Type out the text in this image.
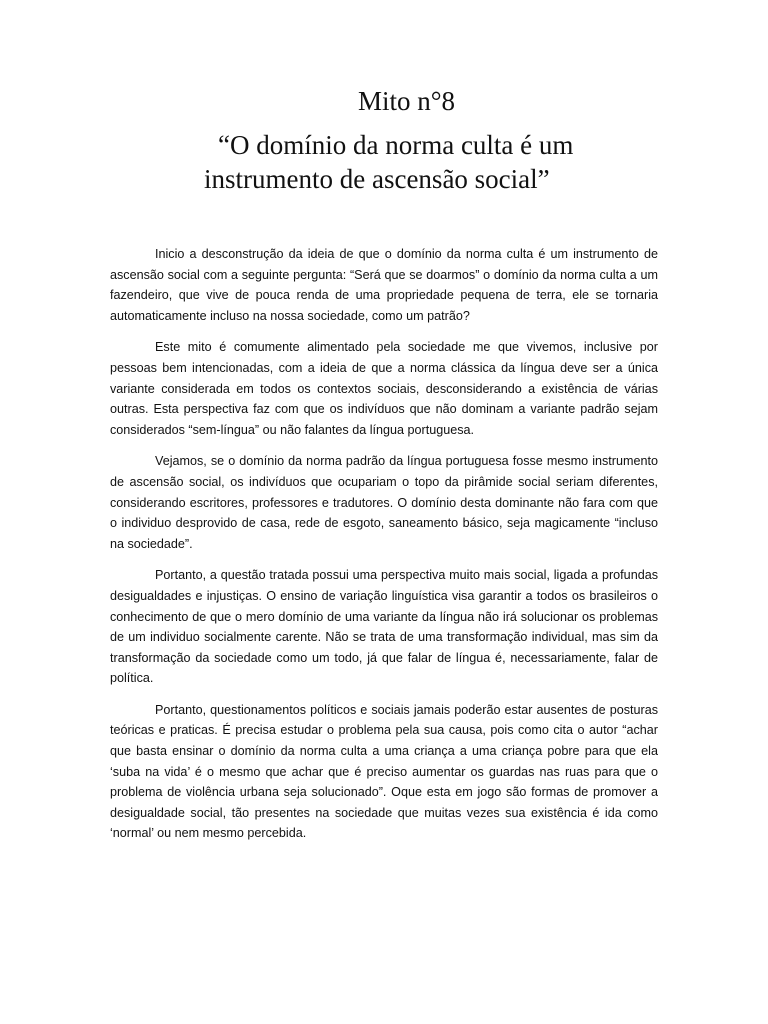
Mito n°8
“O domínio da norma culta é um
instrumento de ascensão social”

Inicio a desconstrução da ideia de que o domínio da norma culta é um instrumento de ascensão social com a seguinte pergunta: “Será que se doarmos” o domínio da norma culta a um fazendeiro, que vive de pouca renda de uma propriedade pequena de terra, ele se tornaria automaticamente incluso na nossa sociedade, como um patrão?

Este mito é comumente alimentado pela sociedade me que vivemos, inclusive por pessoas bem intencionadas, com a ideia de que a norma clássica da língua deve ser a única variante considerada em todos os contextos sociais, desconsiderando a existência de várias outras. Esta perspectiva faz com que os indivíduos que não dominam a variante padrão sejam considerados “sem-língua” ou não falantes da língua portuguesa.

Vejamos, se o domínio da norma padrão da língua portuguesa fosse mesmo instrumento de ascensão social, os indivíduos que ocupariam o topo da pirâmide social seriam diferentes, considerando escritores, professores e tradutores. O domínio desta dominante não fara com que o individuo desprovido de casa, rede de esgoto, saneamento básico, seja magicamente “incluso na sociedade”.

Portanto, a questão tratada possui uma perspectiva muito mais social, ligada a profundas desigualdades e injustiças. O ensino de variação linguística visa garantir a todos os brasileiros o conhecimento de que o mero domínio de uma variante da língua não irá solucionar os problemas de um individuo socialmente carente. Não se trata de uma transformação individual, mas sim da transformação da sociedade como um todo, já que falar de língua é, necessariamente, falar de política.

Portanto, questionamentos políticos e sociais jamais poderão estar ausentes de posturas teóricas e praticas. É precisa estudar o problema pela sua causa, pois como cita o autor “achar que basta ensinar o domínio da norma culta a uma criança a uma criança pobre para que ela ‘suba na vida’ é o mesmo que achar que é preciso aumentar os guardas nas ruas para que o problema de violência urbana seja solucionado”. Oque esta em jogo são formas de promover a desigualdade social, tão presentes na sociedade que muitas vezes sua existência é ida como ‘normal’ ou nem mesmo percebida.
